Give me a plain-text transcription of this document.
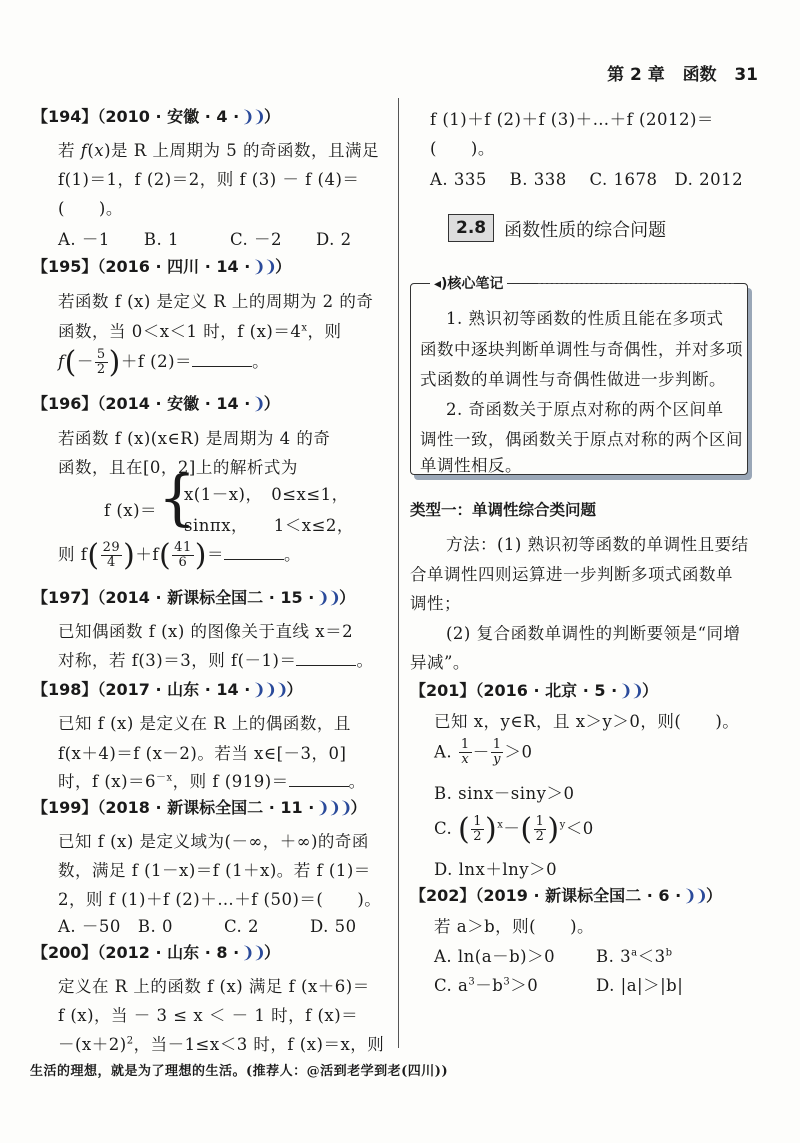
第 2 章 函数 31
【194】（2010 · 安徽 · 4 · ❩❩）
若 f(x)是 R 上周期为 5 的奇函数，且满足
f(1)＝1，f (2)＝2，则 f (3) － f (4)＝
(　　)。
A. －1　　B. 1　　　C. －2　　D. 2
【195】（2016 · 四川 · 14 · ❩❩）
若函数 f (x) 是定义 R 上的周期为 2 的奇
函数，当 0＜x＜1 时，f $(x)=4^x$，则
$f(- \frac{5}{2} )+f$ (2)＝	。
【196】（2014 · 安徽 · 14 · ❩）
若函数 f (x)(x∈R) 是周期为 4 的奇
函数，且在[0，2]上的解析式为
f (x)＝ {
x(1－x)，　0≤x≤1，
sinπx，　　1＜x≤2，
则 $f( \frac{29}{4} )+f( \frac{41}{6}$ )＝	。
【197】（2014 · 新课标全国二 · 15 · ❩❩）
已知偶函数 f (x) 的图像关于直线 x＝2
对称，若 f(3)＝3，则 f(－1)＝	。
【198】（2017 · 山东 · 14 · ❩❩❩）
已知 f (x) 是定义在 R 上的偶函数，且
f(x＋4)＝f (x－2)。若当 x∈[－3，0]
时，f $(x)=6^{-x}$，则 f (919)＝	。
【199】（2018 · 新课标全国二 · 11 · ❩❩❩）
已知 f (x) 是定义域为(－∞，＋∞)的奇函
数，满足 f (1－x)＝f (1＋x)。若 f (1)＝
2，则 f (1)＋f (2)＋…＋f (50)＝(　　)。
A. －50　B. 0　　　C. 2　　　D. 50
【200】（2012 · 山东 · 8 · ❩❩）
定义在 R 上的函数 f (x) 满足 f (x＋6)＝
f (x)，当 － 3 ≤ x ＜ － 1 时，f (x)＝
$-(x+2)^2$，当－1≤x＜3 时，f (x)＝x，则
f (1)＋f (2)＋f (3)＋…＋f (2012)＝
(　　)。
A. 335　 B. 338　 C. 1678　D. 2012
2.8 函数性质的综合问题
◂)核心笔记
1. 熟识初等函数的性质且能在多项式
函数中逐块判断单调性与奇偶性，并对多项
式函数的单调性与奇偶性做进一步判断。
2. 奇函数关于原点对称的两个区间单
调性一致，偶函数关于原点对称的两个区间
单调性相反。
类型一：单调性综合类问题
方法：(1) 熟识初等函数的单调性且要结
合单调性四则运算进一步判断多项式函数单
调性；
(2) 复合函数单调性的判断要领是“同增
异减”。
【201】（2016 · 北京 · 5 · ❩❩）
已知 x，y∈R，且 x＞y＞0，则(　　)。
A. $\frac{1}{x} - \frac{1}{y} >0$
B. sinx－siny＞0
C. ( $\frac{1}{2} )^x-( \frac{1}{2} )^y<0$
D. lnx＋lny＞0
【202】（2019 · 新课标全国二 · 6 · ❩❩）
若 a＞b，则(　　)。
A. ln(a－b)＞0 B. $3^a<3^b$
C. $a^3-b^3>0$	D. |a|＞|b|
生活的理想，就是为了理想的生活。(推荐人：@活到老学到老(四川))
